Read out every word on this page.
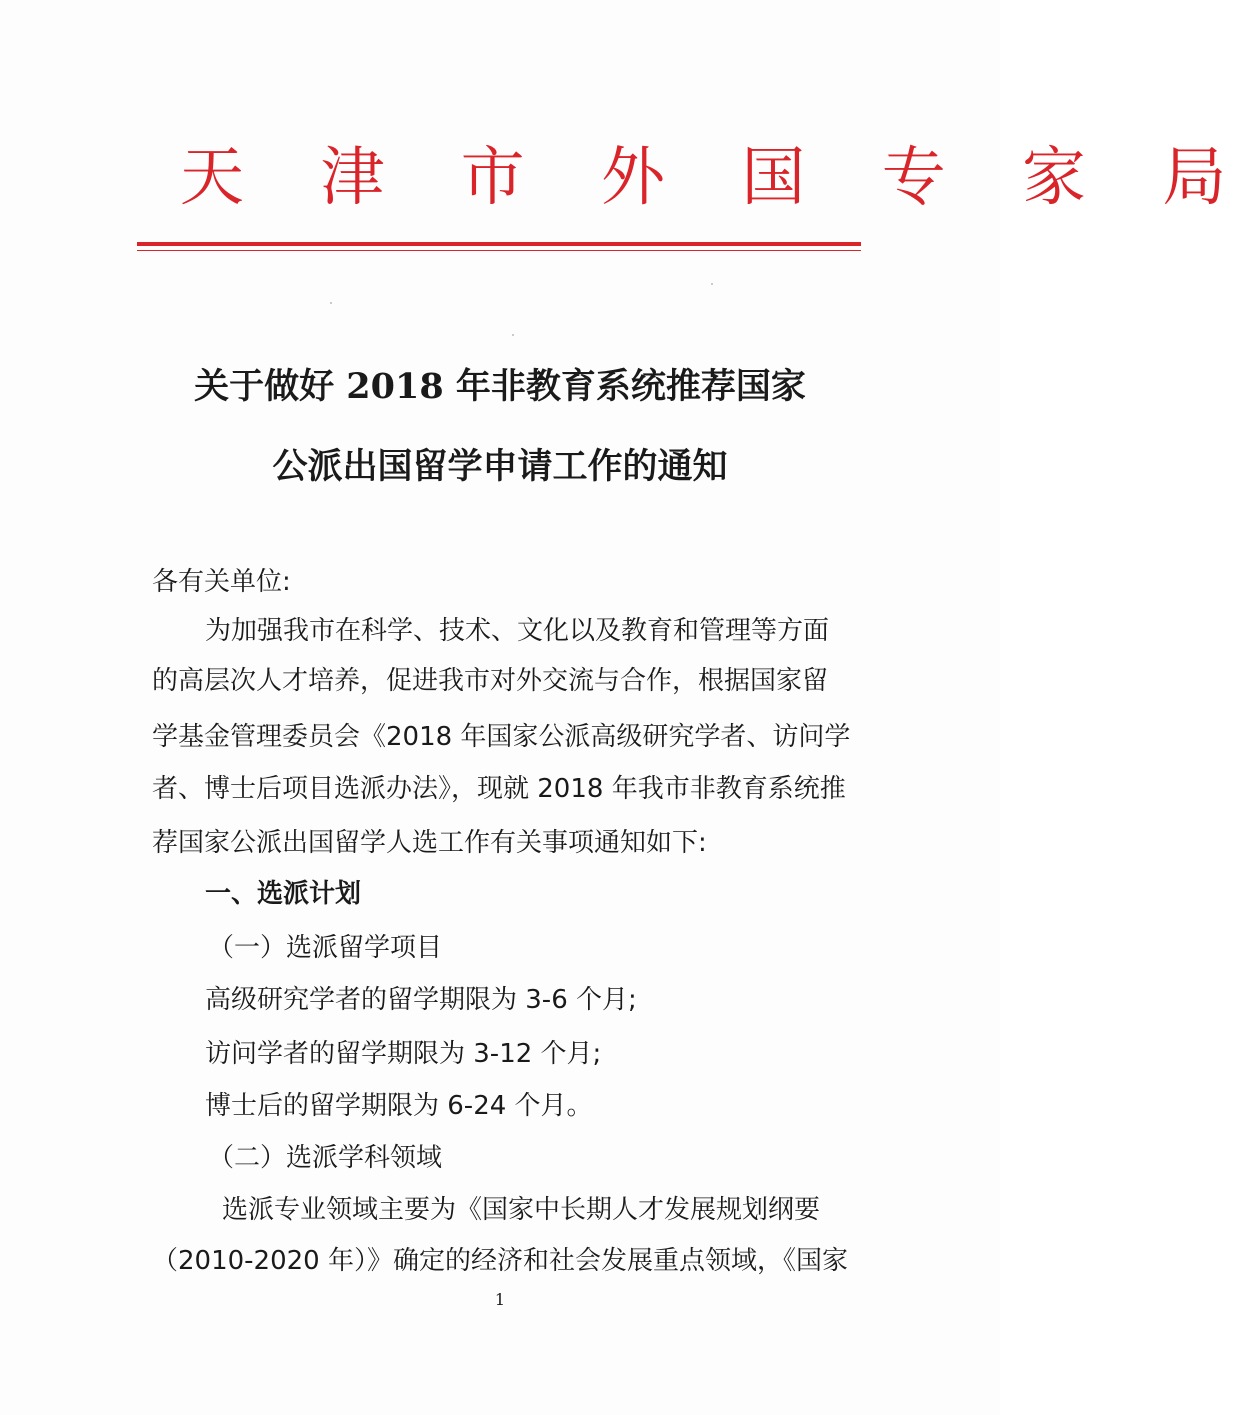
天 津 市 外 国 专 家 局
关于做好 2018 年非教育系统推荐国家
公派出国留学申请工作的通知
各有关单位:
为加强我市在科学、技术、文化以及教育和管理等方面
的高层次人才培养，促进我市对外交流与合作，根据国家留
学基金管理委员会《2018 年国家公派高级研究学者、访问学
者、博士后项目选派办法》，现就 2018 年我市非教育系统推
荐国家公派出国留学人选工作有关事项通知如下:
一、选派计划
（一）选派留学项目
高级研究学者的留学期限为 3-6 个月;
访问学者的留学期限为 3-12 个月;
博士后的留学期限为 6-24 个月。
（二）选派学科领域
选派专业领域主要为《国家中长期人才发展规划纲要
（2010-2020 年）》确定的经济和社会发展重点领域，《国家
1
